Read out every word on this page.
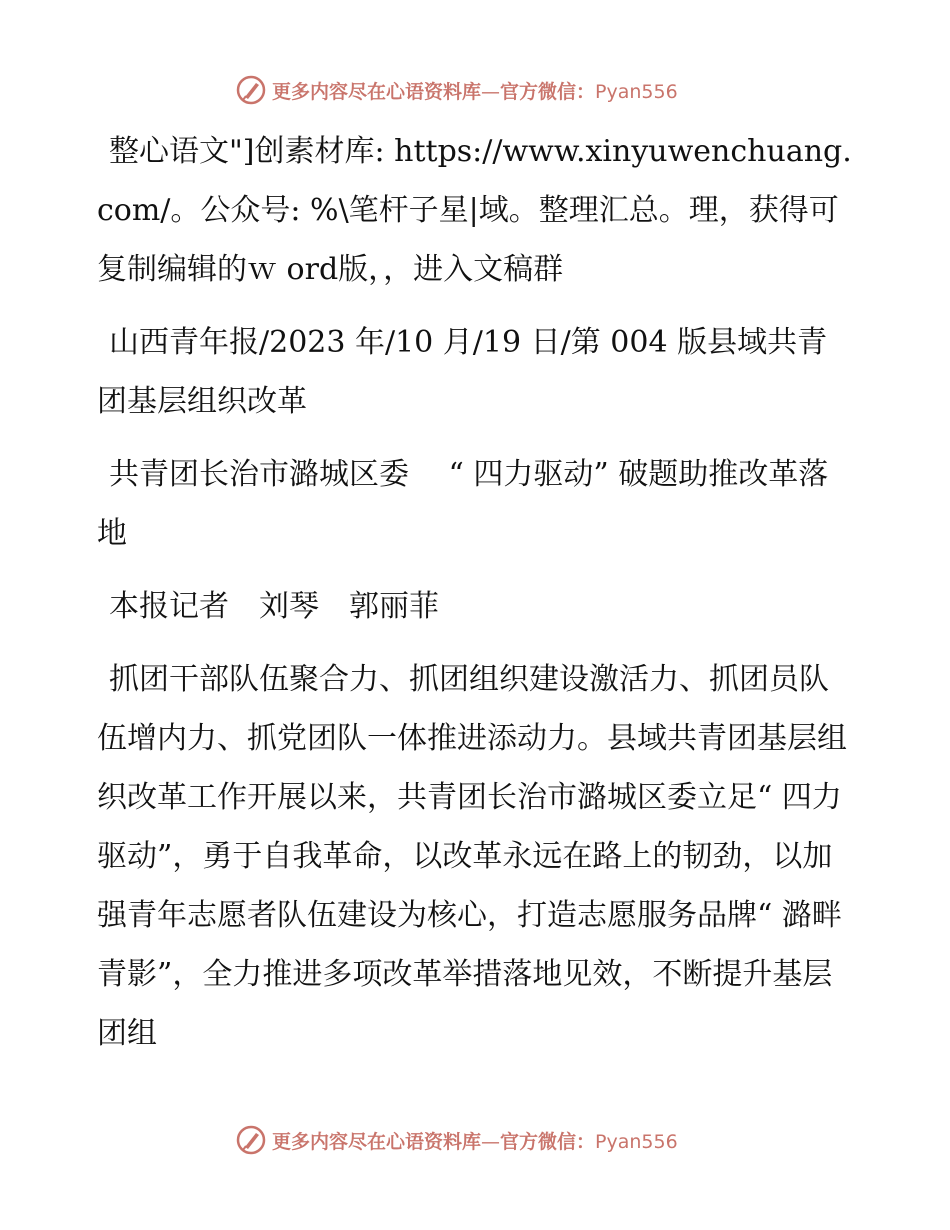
更多内容尽在心语资料库—官方微信：Pyan556

整心语文"]创素材库: https://www.xinyuwenchuang.com/。公众号: %\笔杆子星|域。整理汇总。理，获得可复制编辑的ｗ ord版，，进入文稿群

山西青年报/2023 年/10 月/19 日/第 004 版县域共青团基层组织改革

共青团长治市潞城区委　 “ 四力驱动” 破题助推改革落地

本报记者　刘琴　郭丽菲

抓团干部队伍聚合力、抓团组织建设激活力、抓团员队伍增内力、抓党团队一体推进添动力。县域共青团基层组织改革工作开展以来，共青团长治市潞城区委立足“ 四力驱动”，勇于自我革命，以改革永远在路上的韧劲，以加强青年志愿者队伍建设为核心，打造志愿服务品牌“ 潞畔青影”，全力推进多项改革举措落地见效，不断提升基层团组

更多内容尽在心语资料库—官方微信：Pyan556
